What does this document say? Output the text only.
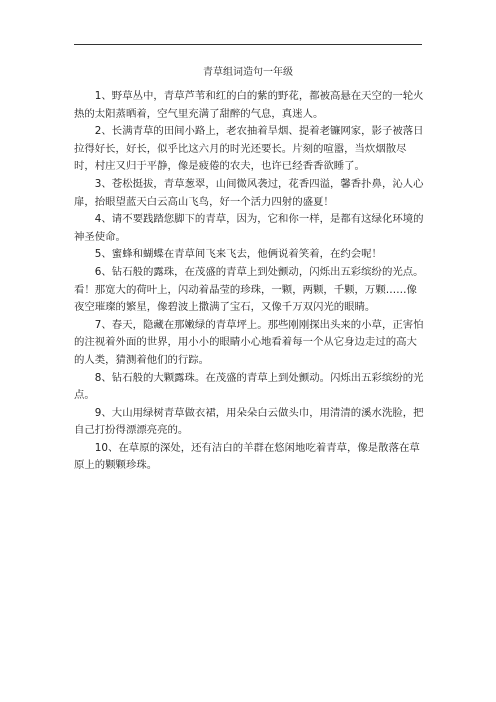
青草组词造句一年级

1、野草丛中，青草芦苇和红的白的紫的野花，都被高悬在天空的一轮火热的太阳蒸晒着，空气里充满了甜醉的气息，真迷人。

2、长满青草的田间小路上，老农抽着旱烟、提着老镰网家，影子被落日拉得好长，好长，似乎比这六月的时光还要长。片刻的喧嚣，当炊烟散尽时，村庄又归于平静，像是疲倦的农夫，也许已经香香欲睡了。

3、苍松挺拔，青草葱翠，山间微风袭过，花香四溢，馨香扑鼻，沁人心扉，抬眼望蓝天白云高山飞鸟，好一个活力四射的盛夏！

4、请不要践踏您脚下的青草，因为，它和你一样，是都有这绿化环境的神圣使命。

5、蜜蜂和蝴蝶在青草间飞来飞去，他俩说着笑着，在约会呢！

6、钻石般的露珠，在茂盛的青草上到处颤动，闪烁出五彩缤纷的光点。看！那宽大的荷叶上，闪动着晶莹的珍珠，一颗，两颗，千颗，万颗……像夜空璀璨的繁星，像碧波上撒满了宝石，又像千万双闪光的眼睛。

7、春天，隐藏在那嫩绿的青草坪上。那些刚刚探出头来的小草，正害怕的注视着外面的世界，用小小的眼睛小心地看着每一个从它身边走过的高大的人类，猜测着他们的行踪。

8、钻石般的大颗露珠。在茂盛的青草上到处颤动。闪烁出五彩缤纷的光点。

9、大山用绿树青草做衣裙，用朵朵白云做头巾，用清清的溪水洗脸，把自己打扮得漂漂亮亮的。

10、在草原的深处，还有洁白的羊群在悠闲地吃着青草，像是散落在草原上的颗颗珍珠。
